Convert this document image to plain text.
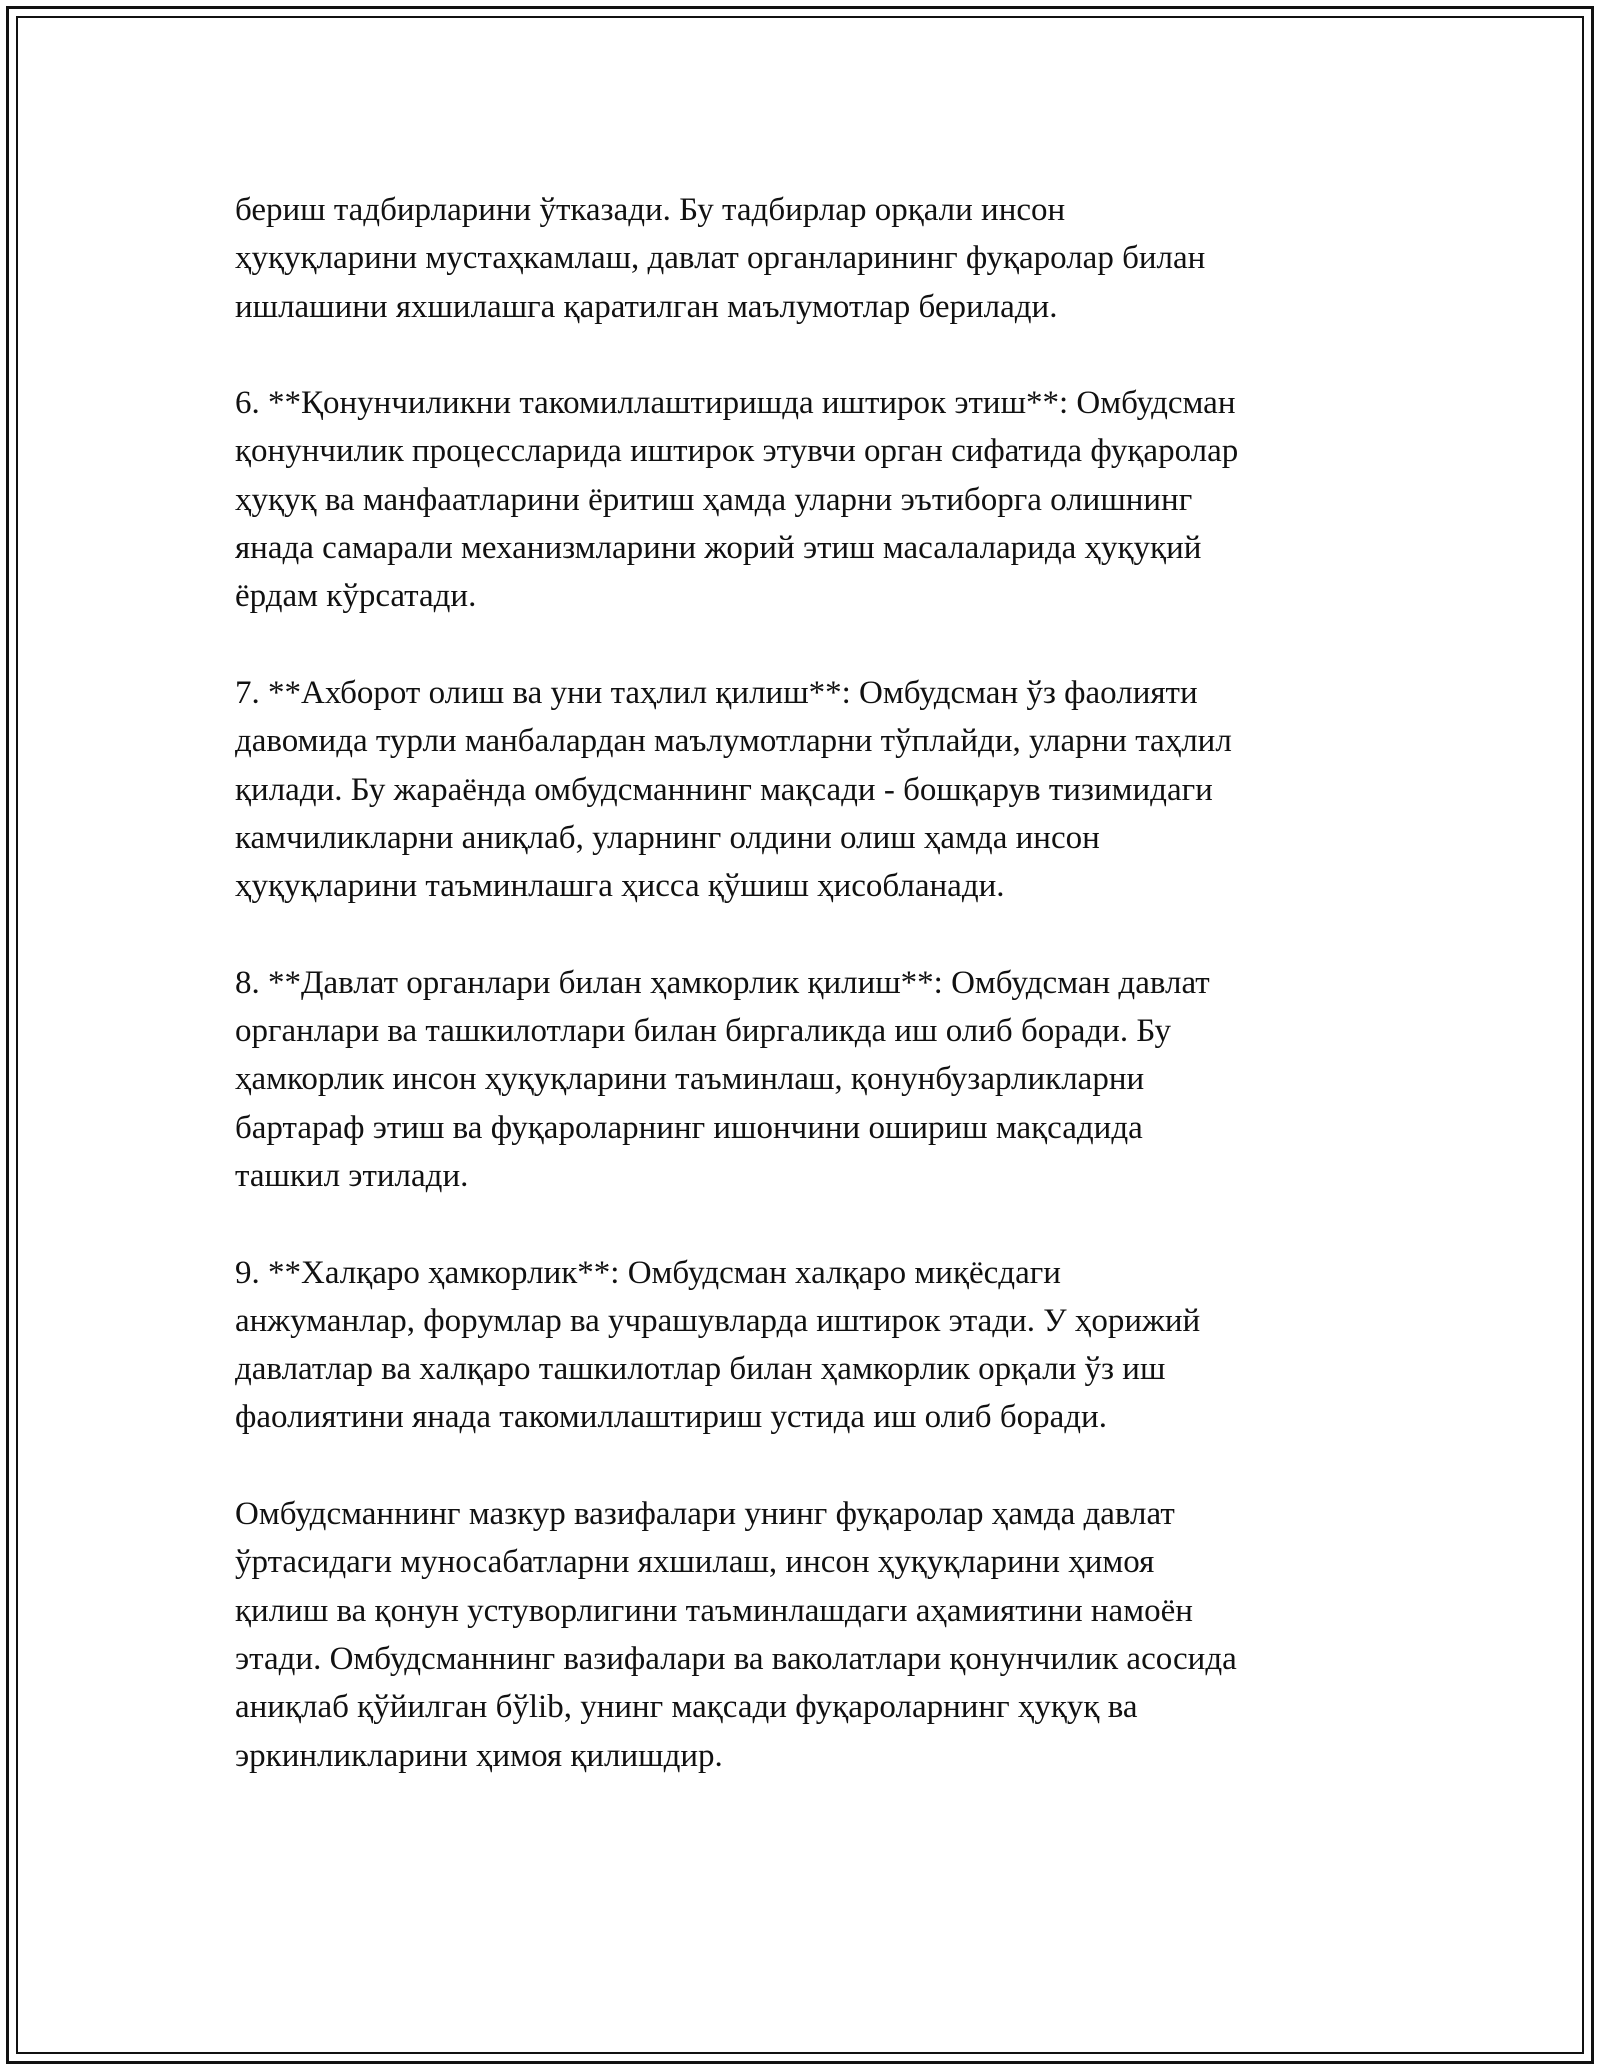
бериш тадбирларини ўтказади. Бу тадбирлар орқали инсон
ҳуқуқларини мустаҳкамлаш, давлат органларининг фуқаролар билан
ишлашини яхшилашга қаратилган маълумотлар берилади.

6. **Қонунчиликни такомиллаштиришда иштирок этиш**: Омбудсман
қонунчилик процессларида иштирок этувчи орган сифатида фуқаролар
ҳуқуқ ва манфаатларини ёритиш ҳамда уларни эътиборга олишнинг
янада самарали механизмларини жорий этиш масалаларида ҳуқуқий
ёрдам кўрсатади.

7. **Ахборот олиш ва уни таҳлил қилиш**: Омбудсман ўз фаолияти
давомида турли манбалардан маълумотларни тўплайди, уларни таҳлил
қилади. Бу жараёнда омбудсманнинг мақсади - бошқарув тизимидаги
камчиликларни аниқлаб, уларнинг олдини олиш ҳамда инсон
ҳуқуқларини таъминлашга ҳисса қўшиш ҳисобланади.

8. **Давлат органлари билан ҳамкорлик қилиш**: Омбудсман давлат
органлари ва ташкилотлари билан биргаликда иш олиб боради. Бу
ҳамкорлик инсон ҳуқуқларини таъминлаш, қонунбузарликларни
бартараф этиш ва фуқароларнинг ишончини ошириш мақсадида
ташкил этилади.

9. **Халқаро ҳамкорлик**: Омбудсман халқаро миқёсдаги
анжуманлар, форумлар ва учрашувларда иштирок этади. У ҳорижий
давлатлар ва халқаро ташкилотлар билан ҳамкорлик орқали ўз иш
фаолиятини янада такомиллаштириш устида иш олиб боради.

Омбудсманнинг мазкур вазифалари унинг фуқаролар ҳамда давлат
ўртасидаги муносабатларни яхшилаш, инсон ҳуқуқларини ҳимоя
қилиш ва қонун устуворлигини таъминлашдаги аҳамиятини намоён
этади. Омбудсманнинг вазифалари ва ваколатлари қонунчилик асосида
аниқлаб қўйилган бўlib, унинг мақсади фуқароларнинг ҳуқуқ ва
эркинликларини ҳимоя қилишдир.
